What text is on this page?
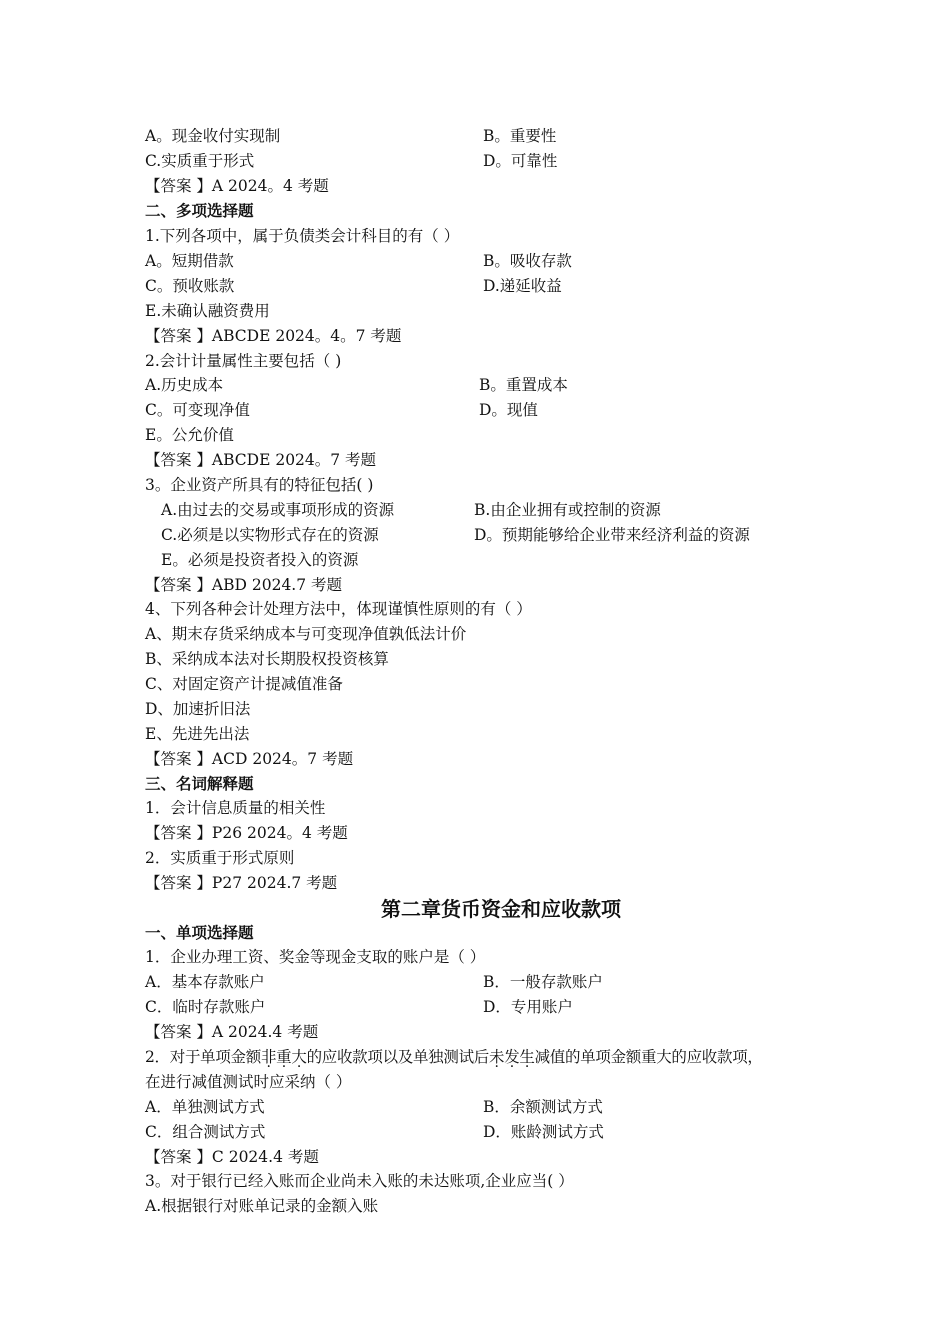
A。现金收付实现制	B。重要性
C.实质重于形式	D。可靠性
【答案 】A 2024。4 考题
二、多项选择题
1.下列各项中，属于负债类会计科目的有（ ）
A。短期借款	B。吸收存款
C。预收账款	D.递延收益
E.未确认融资费用
【答案 】ABCDE 2024。4。7 考题
2.会计计量属性主要包括（ )
A.历史成本	B。重置成本
C。可变现净值	D。现值
E。公允价值
【答案 】ABCDE 2024。7 考题
3。企业资产所具有的特征包括( )
A.由过去的交易或事项形成的资源	B.由企业拥有或控制的资源
C.必须是以实物形式存在的资源	D。预期能够给企业带来经济利益的资源
E。必须是投资者投入的资源
【答案 】ABD 2024.7 考题
4、下列各种会计处理方法中，体现谨慎性原则的有（ ）
A、期末存货采纳成本与可变现净值孰低法计价
B、采纳成本法对长期股权投资核算
C、对固定资产计提减值准备
D、加速折旧法
E、先进先出法
【答案 】ACD 2024。7 考题
三、名词解释题
1．会计信息质量的相关性
【答案 】P26 2024。4 考题
2．实质重于形式原则
【答案 】P27 2024.7 考题
第二章货币资金和应收款项
一、单项选择题
1．企业办理工资、奖金等现金支取的账户是（ ）
A．基本存款账户	B．一般存款账户
C．临时存款账户	D．专用账户
【答案 】A 2024.4 考题
2．对于单项金额非重大的应收款项以及单独测试后未发生减值的单项金额重大的应收款项，
在进行减值测试时应采纳（ ）
A．单独测试方式	B．余额测试方式
C．组合测试方式	D．账龄测试方式
【答案 】C 2024.4 考题
3。对于银行已经入账而企业尚未入账的未达账项,企业应当( ）
A.根据银行对账单记录的金额入账
